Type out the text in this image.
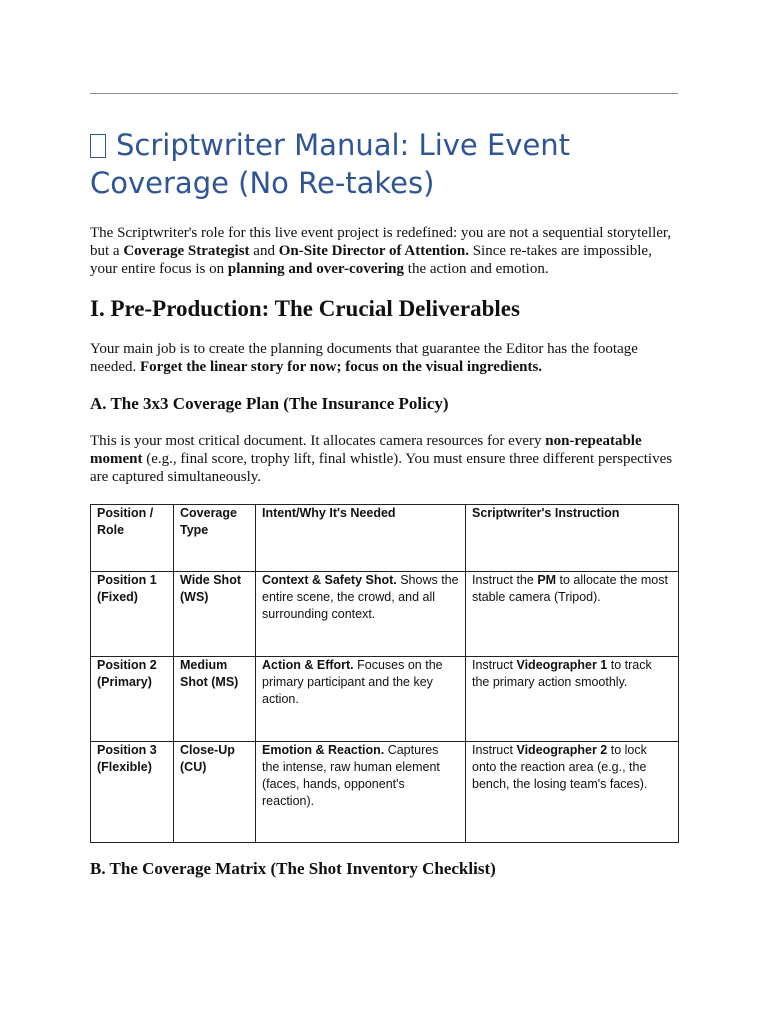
Scriptwriter Manual: Live Event Coverage (No Re-takes)

The Scriptwriter's role for this live event project is redefined: you are not a sequential storyteller, but a Coverage Strategist and On-Site Director of Attention. Since re-takes are impossible, your entire focus is on planning and over-covering the action and emotion.

I. Pre-Production: The Crucial Deliverables

Your main job is to create the planning documents that guarantee the Editor has the footage needed. Forget the linear story for now; focus on the visual ingredients.

A. The 3x3 Coverage Plan (The Insurance Policy)

This is your most critical document. It allocates camera resources for every non-repeatable moment (e.g., final score, trophy lift, final whistle). You must ensure three different perspectives are captured simultaneously.

Position / Role	Coverage Type	Intent/Why It's Needed	Scriptwriter's Instruction
Position 1 (Fixed)	Wide Shot (WS)	Context & Safety Shot. Shows the entire scene, the crowd, and all surrounding context.	Instruct the PM to allocate the most stable camera (Tripod).
Position 2 (Primary)	Medium Shot (MS)	Action & Effort. Focuses on the primary participant and the key action.	Instruct Videographer 1 to track the primary action smoothly.
Position 3 (Flexible)	Close-Up (CU)	Emotion & Reaction. Captures the intense, raw human element (faces, hands, opponent's reaction).	Instruct Videographer 2 to lock onto the reaction area (e.g., the bench, the losing team's faces).
B. The Coverage Matrix (The Shot Inventory Checklist)
